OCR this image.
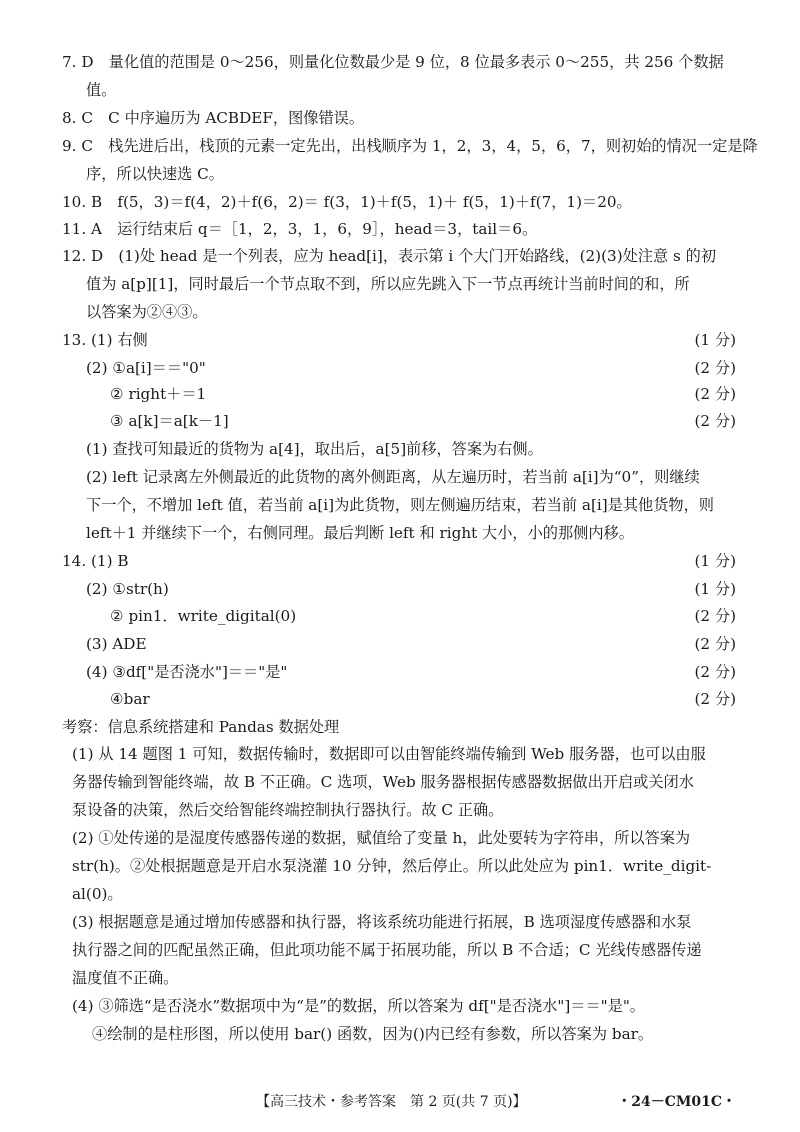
7. D　量化值的范围是 0～256，则量化位数最少是 9 位，8 位最多表示 0～255，共 256 个数据
值。
8. C　C 中序遍历为 ACBDEF，图像错误。
9. C　栈先进后出，栈顶的元素一定先出，出栈顺序为 1，2，3，4，5，6，7，则初始的情况一定是降
序，所以快速选 C。
10. B　f(5，3)＝f(4，2)＋f(6，2)＝ f(3，1)＋f(5，1)＋ f(5，1)＋f(7，1)＝20。
11. A　运行结束后 q＝［1，2，3，1，6，9］，head＝3，tail＝6。
12. D　(1)处 head 是一个列表，应为 head[i]，表示第 i 个大门开始路线，(2)(3)处注意 s 的初
值为 a[p][1]，同时最后一个节点取不到，所以应先跳入下一节点再统计当前时间的和，所
以答案为②④③。
13. (1) 右侧	(1 分)
(2) ①a[i]＝＝"0"	(2 分)
② right＋＝1	(2 分)
③ a[k]＝a[k－1]	(2 分)
(1) 查找可知最近的货物为 a[4]，取出后，a[5]前移，答案为右侧。
(2) left 记录离左外侧最近的此货物的离外侧距离，从左遍历时，若当前 a[i]为“0”，则继续
下一个，不增加 left 值，若当前 a[i]为此货物，则左侧遍历结束，若当前 a[i]是其他货物，则
left＋1 并继续下一个，右侧同理。最后判断 left 和 right 大小，小的那侧内移。
14. (1) B	(1 分)
(2) ①str(h)	(1 分)
② pin1．write_digital(0)	(2 分)
(3) ADE	(2 分)
(4) ③df["是否浇水"]＝＝"是"	(2 分)
④bar	(2 分)
考察：信息系统搭建和 Pandas 数据处理
(1) 从 14 题图 1 可知，数据传输时，数据即可以由智能终端传输到 Web 服务器，也可以由服
务器传输到智能终端，故 B 不正确。C 选项，Web 服务器根据传感器数据做出开启或关闭水
泵设备的决策，然后交给智能终端控制执行器执行。故 C 正确。
(2) ①处传递的是湿度传感器传递的数据，赋值给了变量 h，此处要转为字符串，所以答案为
str(h)。②处根据题意是开启水泵浇灌 10 分钟，然后停止。所以此处应为 pin1．write_digit-
al(0)。
(3) 根据题意是通过增加传感器和执行器，将该系统功能进行拓展，B 选项湿度传感器和水泵
执行器之间的匹配虽然正确，但此项功能不属于拓展功能，所以 B 不合适；C 光线传感器传递
温度值不正确。
(4) ③筛选“是否浇水”数据项中为“是”的数据，所以答案为 df["是否浇水"]＝＝"是"。
④绘制的是柱形图，所以使用 bar() 函数，因为()内已经有参数，所以答案为 bar。
【高三技术・参考答案　第 2 页(共 7 页)】	・24－CM01C・
